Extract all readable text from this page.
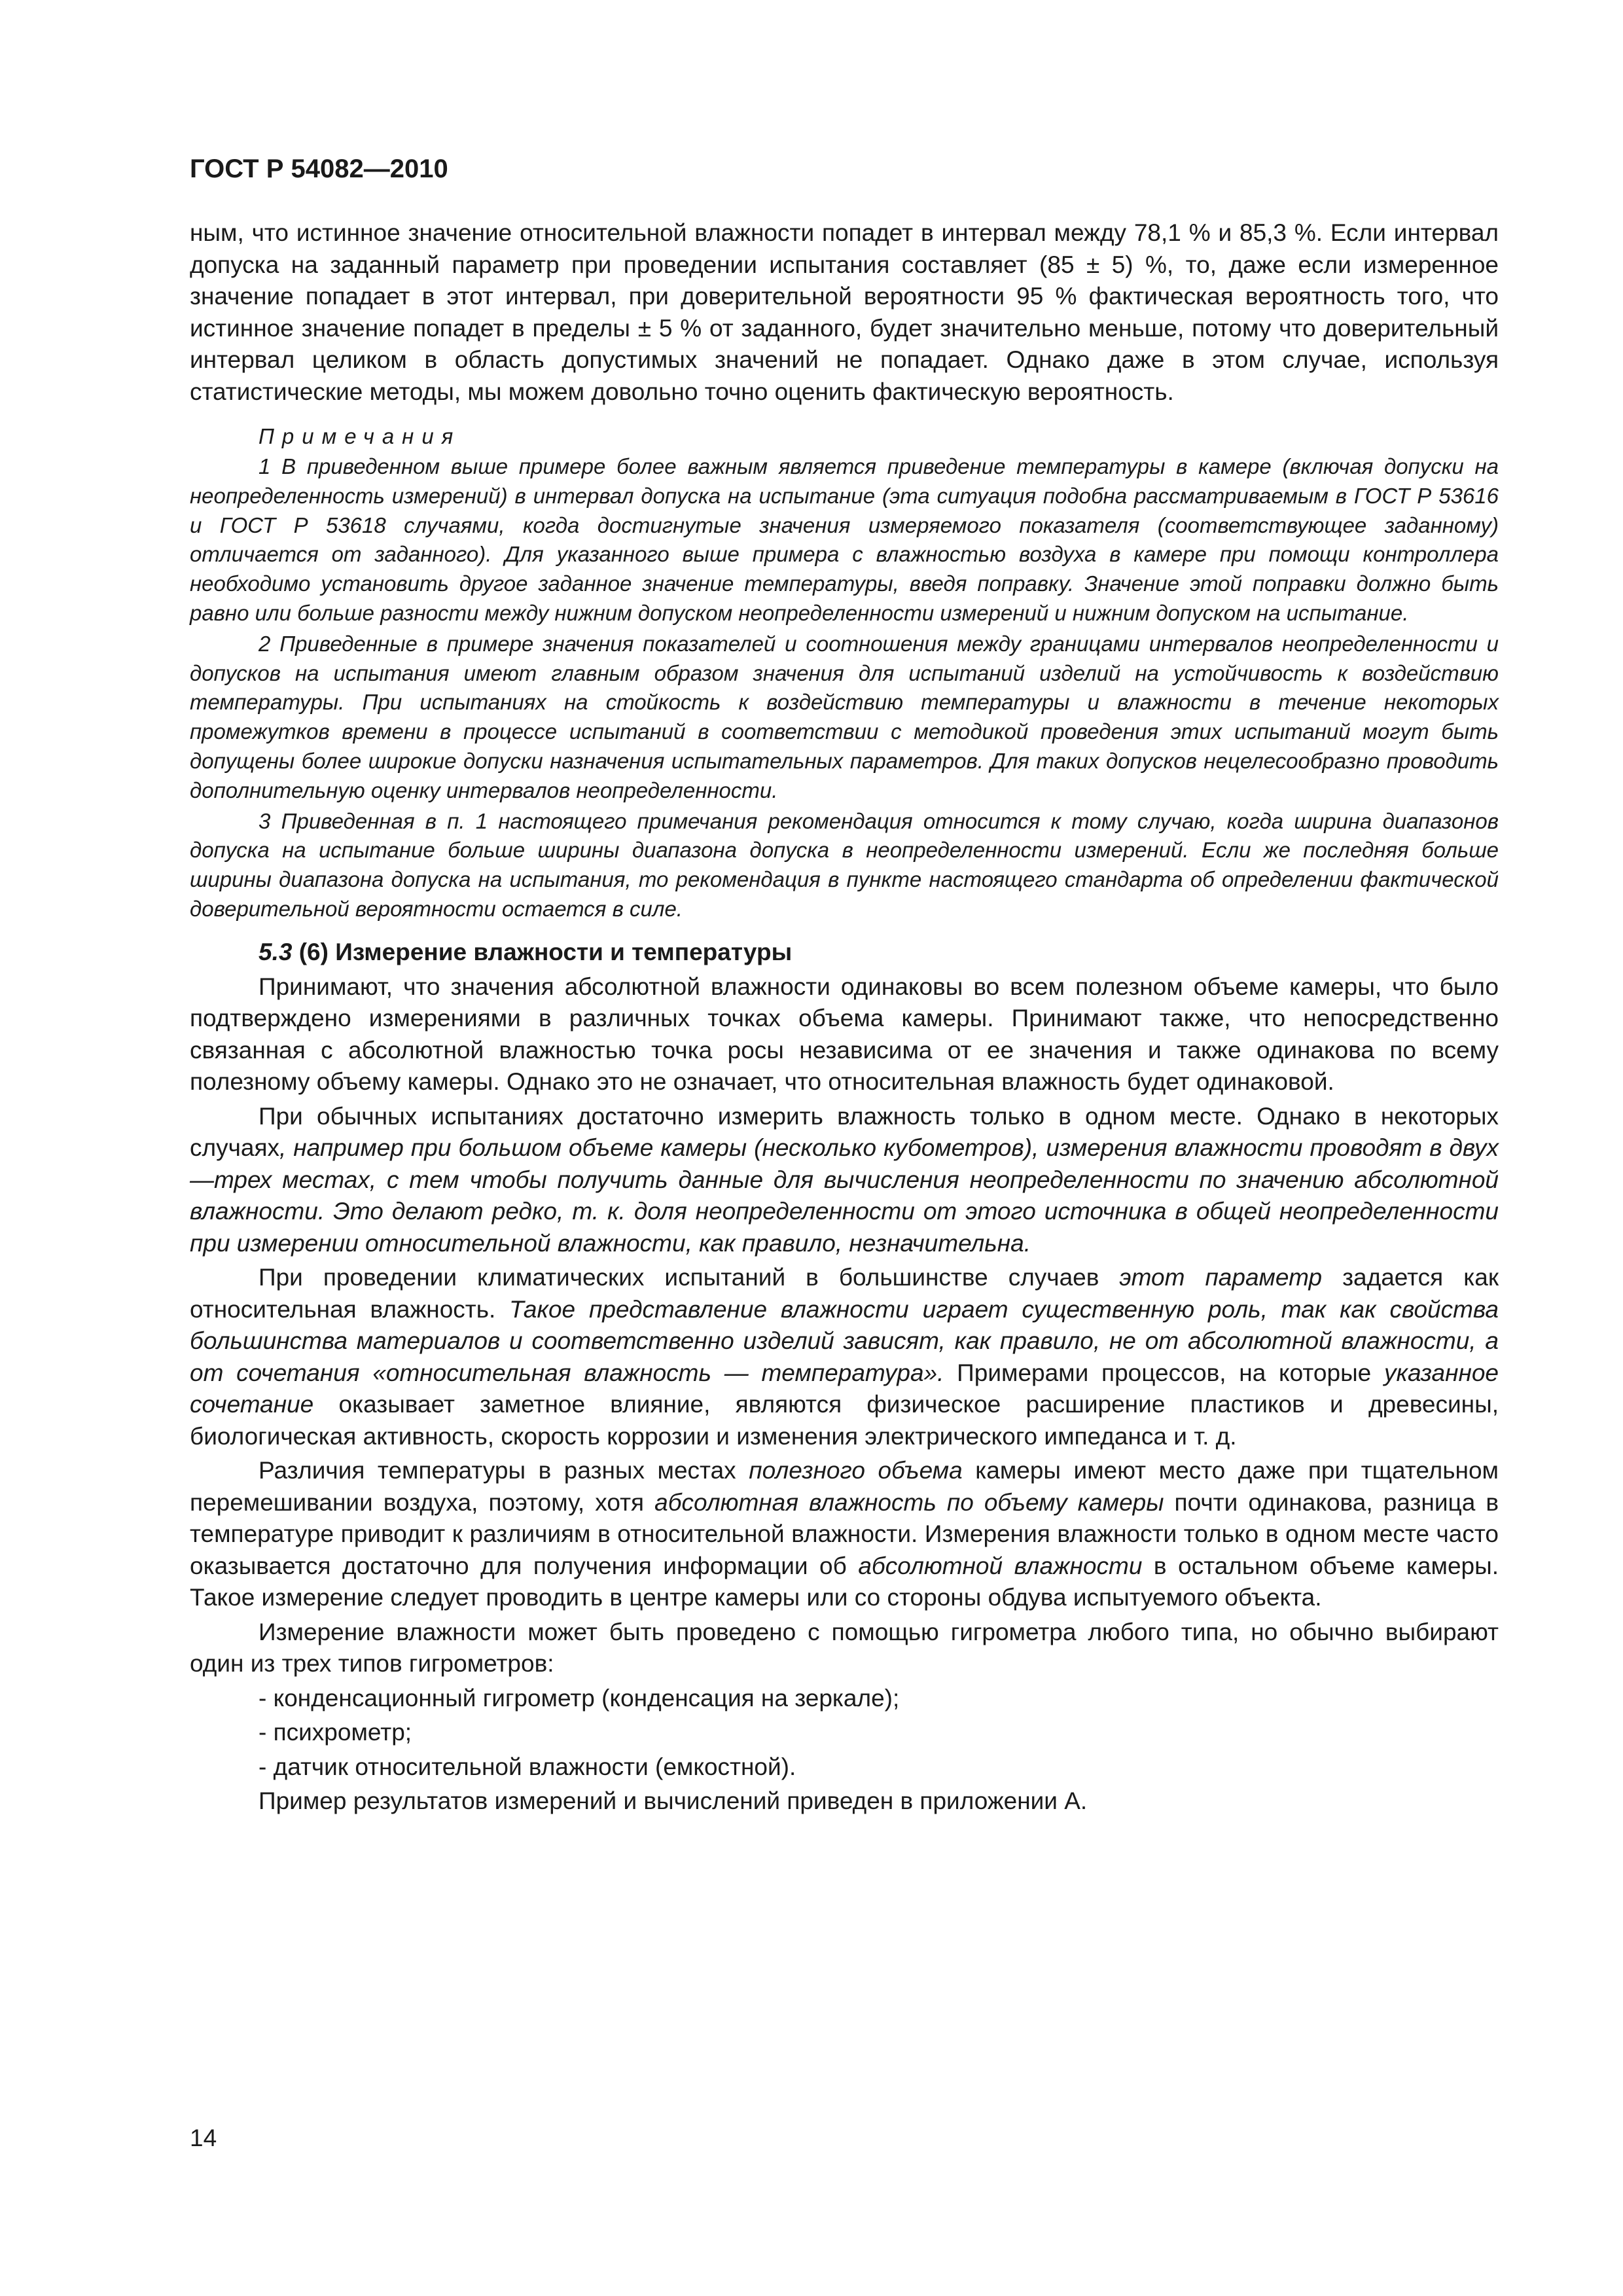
ГОСТ Р 54082—2010

ным, что истинное значение относительной влажности попадет в интервал между 78,1 % и 85,3 %. Если интервал допуска на заданный параметр при проведении испытания составляет (85 ± 5) %, то, даже если измеренное значение попадает в этот интервал, при доверительной вероятности 95 % фактическая вероятность того, что истинное значение попадет в пределы ± 5 % от заданного, будет значительно меньше, потому что доверительный интервал целиком в область допустимых значений не попадает. Однако даже в этом случае, используя статистические методы, мы можем довольно точно оценить фактическую вероятность.

Примечания

1 В приведенном выше примере более важным является приведение температуры в камере (включая допуски на неопределенность измерений) в интервал допуска на испытание (эта ситуация подобна рассматриваемым в ГОСТ Р 53616 и ГОСТ Р 53618 случаями, когда достигнутые значения измеряемого показателя (соответствующее заданному) отличается от заданного). Для указанного выше примера с влажностью воздуха в камере при помощи контроллера необходимо установить другое заданное значение температуры, введя поправку. Значение этой поправки должно быть равно или больше разности между нижним допуском неопределенности измерений и нижним допуском на испытание.

2 Приведенные в примере значения показателей и соотношения между границами интервалов неопределенности и допусков на испытания имеют главным образом значения для испытаний изделий на устойчивость к воздействию температуры. При испытаниях на стойкость к воздействию температуры и влажности в течение некоторых промежутков времени в процессе испытаний в соответствии с методикой проведения этих испытаний могут быть допущены более широкие допуски назначения испытательных параметров. Для таких допусков нецелесообразно проводить дополнительную оценку интервалов неопределенности.

3 Приведенная в п. 1 настоящего примечания рекомендация относится к тому случаю, когда ширина диапазонов допуска на испытание больше ширины диапазона допуска в неопределенности измерений. Если же последняя больше ширины диапазона допуска на испытания, то рекомендация в пункте настоящего стандарта об определении фактической доверительной вероятности остается в силе.

5.3 (6) Измерение влажности и температуры

Принимают, что значения абсолютной влажности одинаковы во всем полезном объеме камеры, что было подтверждено измерениями в различных точках объема камеры. Принимают также, что непосредственно связанная с абсолютной влажностью точка росы независима от ее значения и также одинакова по всему полезному объему камеры. Однако это не означает, что относительная влажность будет одинаковой.

При обычных испытаниях достаточно измерить влажность только в одном месте. Однако в некоторых случаях, например при большом объеме камеры (несколько кубометров), измерения влажности проводят в двух—трех местах, с тем чтобы получить данные для вычисления неопределенности по значению абсолютной влажности. Это делают редко, т. к. доля неопределенности от этого источника в общей неопределенности при измерении относительной влажности, как правило, незначительна.

При проведении климатических испытаний в большинстве случаев этот параметр задается как относительная влажность. Такое представление влажности играет существенную роль, так как свойства большинства материалов и соответственно изделий зависят, как правило, не от абсолютной влажности, а от сочетания «относительная влажность — температура». Примерами процессов, на которые указанное сочетание оказывает заметное влияние, являются физическое расширение пластиков и древесины, биологическая активность, скорость коррозии и изменения электрического импеданса и т. д.

Различия температуры в разных местах полезного объема камеры имеют место даже при тщательном перемешивании воздуха, поэтому, хотя абсолютная влажность по объему камеры почти одинакова, разница в температуре приводит к различиям в относительной влажности. Измерения влажности только в одном месте часто оказывается достаточно для получения информации об абсолютной влажности в остальном объеме камеры. Такое измерение следует проводить в центре камеры или со стороны обдува испытуемого объекта.

Измерение влажности может быть проведено с помощью гигрометра любого типа, но обычно выбирают один из трех типов гигрометров:

- конденсационный гигрометр (конденсация на зеркале);

- психрометр;

- датчик относительной влажности (емкостной).

Пример результатов измерений и вычислений приведен в приложении А.

14
